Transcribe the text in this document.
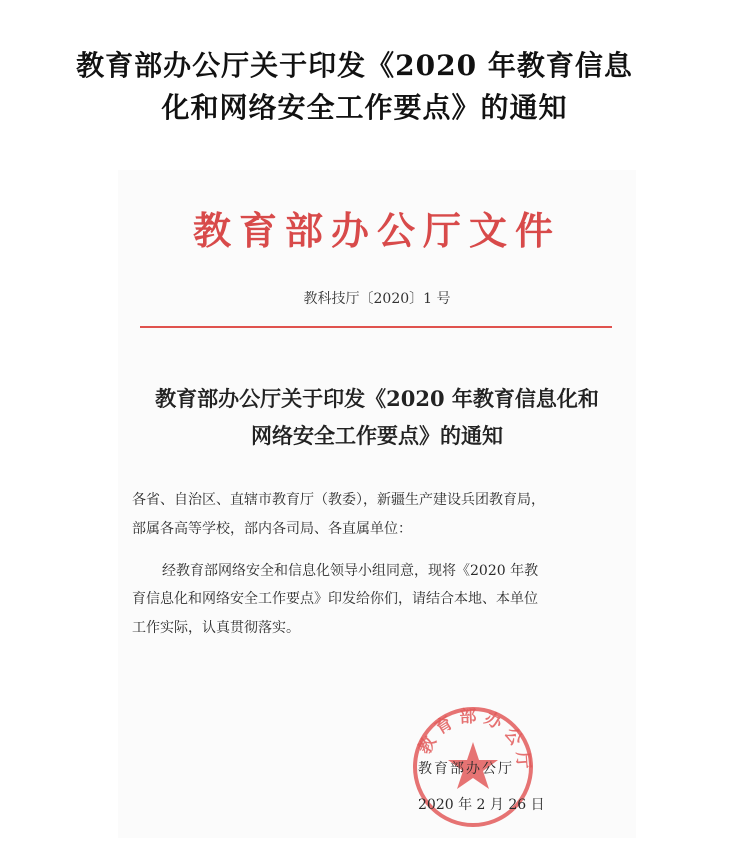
教育部办公厅关于印发《2020 年教育信息
化和网络安全工作要点》的通知
教育部办公厅文件
教科技厅〔2020〕1 号
教育部办公厅关于印发《2020 年教育信息化和
网络安全工作要点》的通知
各省、自治区、直辖市教育厅（教委），新疆生产建设兵团教育局，
部属各高等学校，部内各司局、各直属单位：
经教育部网络安全和信息化领导小组同意，现将《2020 年教
育信息化和网络安全工作要点》印发给你们，请结合本地、本单位
工作实际，认真贯彻落实。
教育部办公厅
教育部办公厅
2020 年 2 月 26 日
